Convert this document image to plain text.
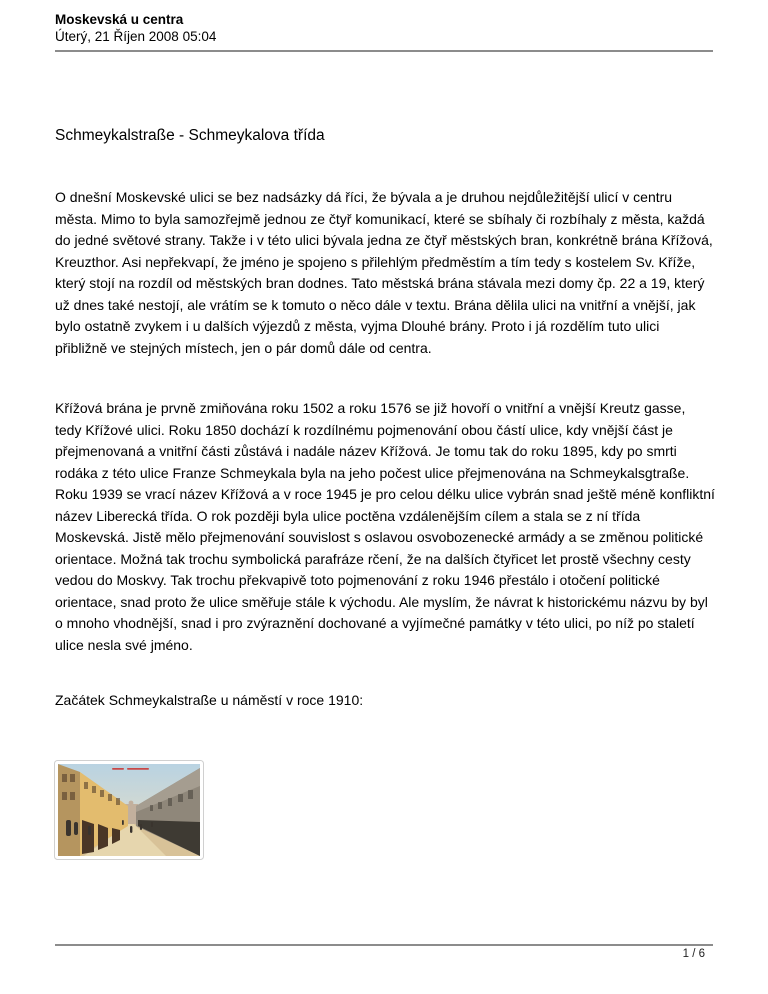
Moskevská u centra
Úterý, 21 Říjen 2008 05:04
Schmeykalstraße - Schmeykalova třída
O dnešní Moskevské ulici se bez nadsázky dá říci, že bývala a je druhou nejdůležitější ulicí v centru města. Mimo to byla samozřejmě jednou ze čtyř komunikací, které se sbíhaly či rozbíhaly z města, každá do jedné světové strany. Takže i v této ulici bývala jedna ze čtyř městských bran, konkrétně brána Křížová, Kreuzthor. Asi nepřekvapí, že jméno je spojeno s přilehlým předměstím a tím tedy s kostelem Sv. Kříže, který stojí na rozdíl od městských bran dodnes. Tato městská brána stávala mezi domy čp. 22 a 19, který už dnes také nestojí, ale vrátím se k tomuto o něco dále v textu. Brána dělila ulici na vnitřní a vnější, jak bylo ostatně zvykem i u dalších výjezdů z města, vyjma Dlouhé brány. Proto i já rozdělím tuto ulici přibližně ve stejných místech, jen o pár domů dále od centra.
Křížová brána je prvně zmiňována roku 1502 a roku 1576 se již hovoří o vnitřní a vnější Kreutz gasse, tedy Křížové ulici. Roku 1850 dochází k rozdílnému pojmenování obou částí ulice, kdy vnější část je přejmenovaná a vnitřní části zůstává i nadále název Křížová. Je tomu tak do roku 1895, kdy po smrti rodáka z této ulice Franze Schmeykala byla na jeho počest ulice přejmenována na Schmeykalsgtraße. Roku 1939 se vrací název Křížová a v roce 1945 je pro celou délku ulice vybrán snad ještě méně konfliktní název Liberecká třída. O rok později byla ulice poctěna vzdálenějším cílem a stala se z ní třída Moskevská. Jistě mělo přejmenování souvislost s oslavou osvobozenecké armády a se změnou politické orientace. Možná tak trochu symbolická parafráze rčení, že na dalších čtyřicet let prostě všechny cesty vedou do Moskvy. Tak trochu překvapivě toto pojmenování z roku 1946 přestálo i otočení politické orientace, snad proto že ulice směřuje stále k východu. Ale myslím, že návrat k historickému názvu by byl o mnoho vhodnější, snad i pro zvýraznění dochované a vyjímečné památky v této ulici, po níž po staletí ulice nesla své jméno.
Začátek Schmeykalstraße u náměstí v roce 1910:
1 / 6
